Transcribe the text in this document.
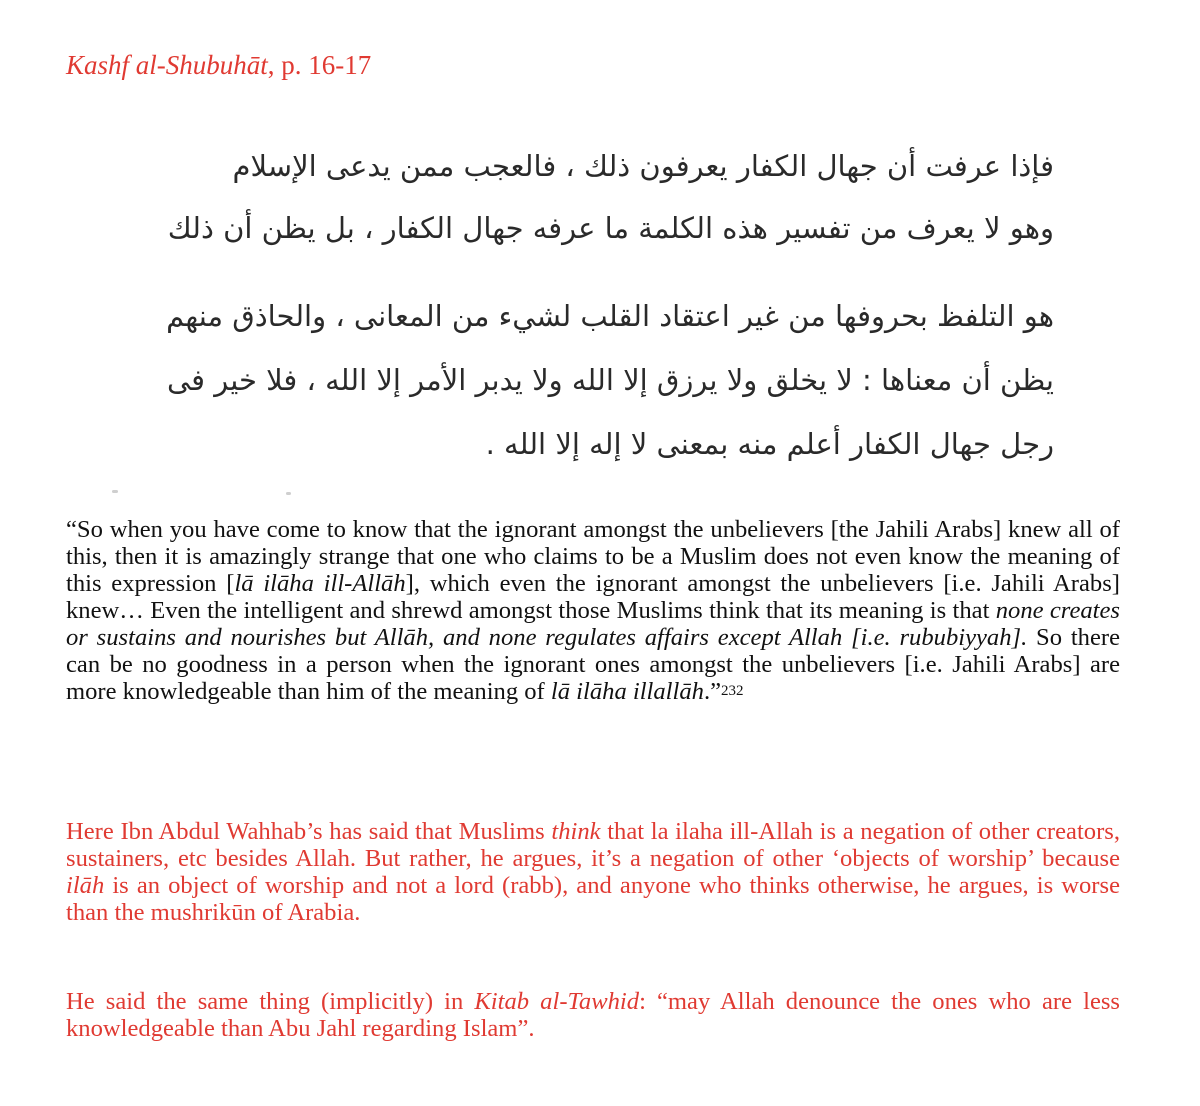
Kashf al-Shubuhāt, p. 16-17
فإذا عرفت أن جهال الكفار يعرفون ذلك ، فالعجب ممن يدعى الإسلام
وهو لا يعرف من تفسير هذه الكلمة ما عرفه جهال الكفار ، بل يظن أن ذلك
هو التلفظ بحروفها من غير اعتقاد القلب لشيء من المعانى ، والحاذق منهم
يظن أن معناها : لا يخلق ولا يرزق إلا الله ولا يدبر الأمر إلا الله ، فلا خير فى
رجل جهال الكفار أعلم منه بمعنى لا إله إلا الله .

“So when you have come to know that the ignorant amongst the unbelievers [the Jahili Arabs] knew all of this, then it is amazingly strange that one who claims to be a Muslim does not even know the meaning of this expression [lā ilāha ill-Allāh], which even the ignorant amongst the unbelievers [i.e. Jahili Arabs] knew… Even the intelligent and shrewd amongst those Muslims think that its meaning is that none creates or sustains and nourishes but Allāh, and none regulates affairs except Allah [i.e. rububiyyah]. So there can be no goodness in a person when the ignorant ones amongst the unbelievers [i.e. Jahili Arabs] are more knowledgeable than him of the meaning of lā ilāha illallāh.”232

Here Ibn Abdul Wahhab’s has said that Muslims think that la ilaha ill-Allah is a negation of other creators, sustainers, etc besides Allah. But rather, he argues, it’s a negation of other ‘objects of worship’ because ilāh is an object of worship and not a lord (rabb), and anyone who thinks otherwise, he argues, is worse than the mushrikūn of Arabia.

He said the same thing (implicitly) in Kitab al-Tawhid: “may Allah denounce the ones who are less knowledgeable than Abu Jahl regarding Islam”.
